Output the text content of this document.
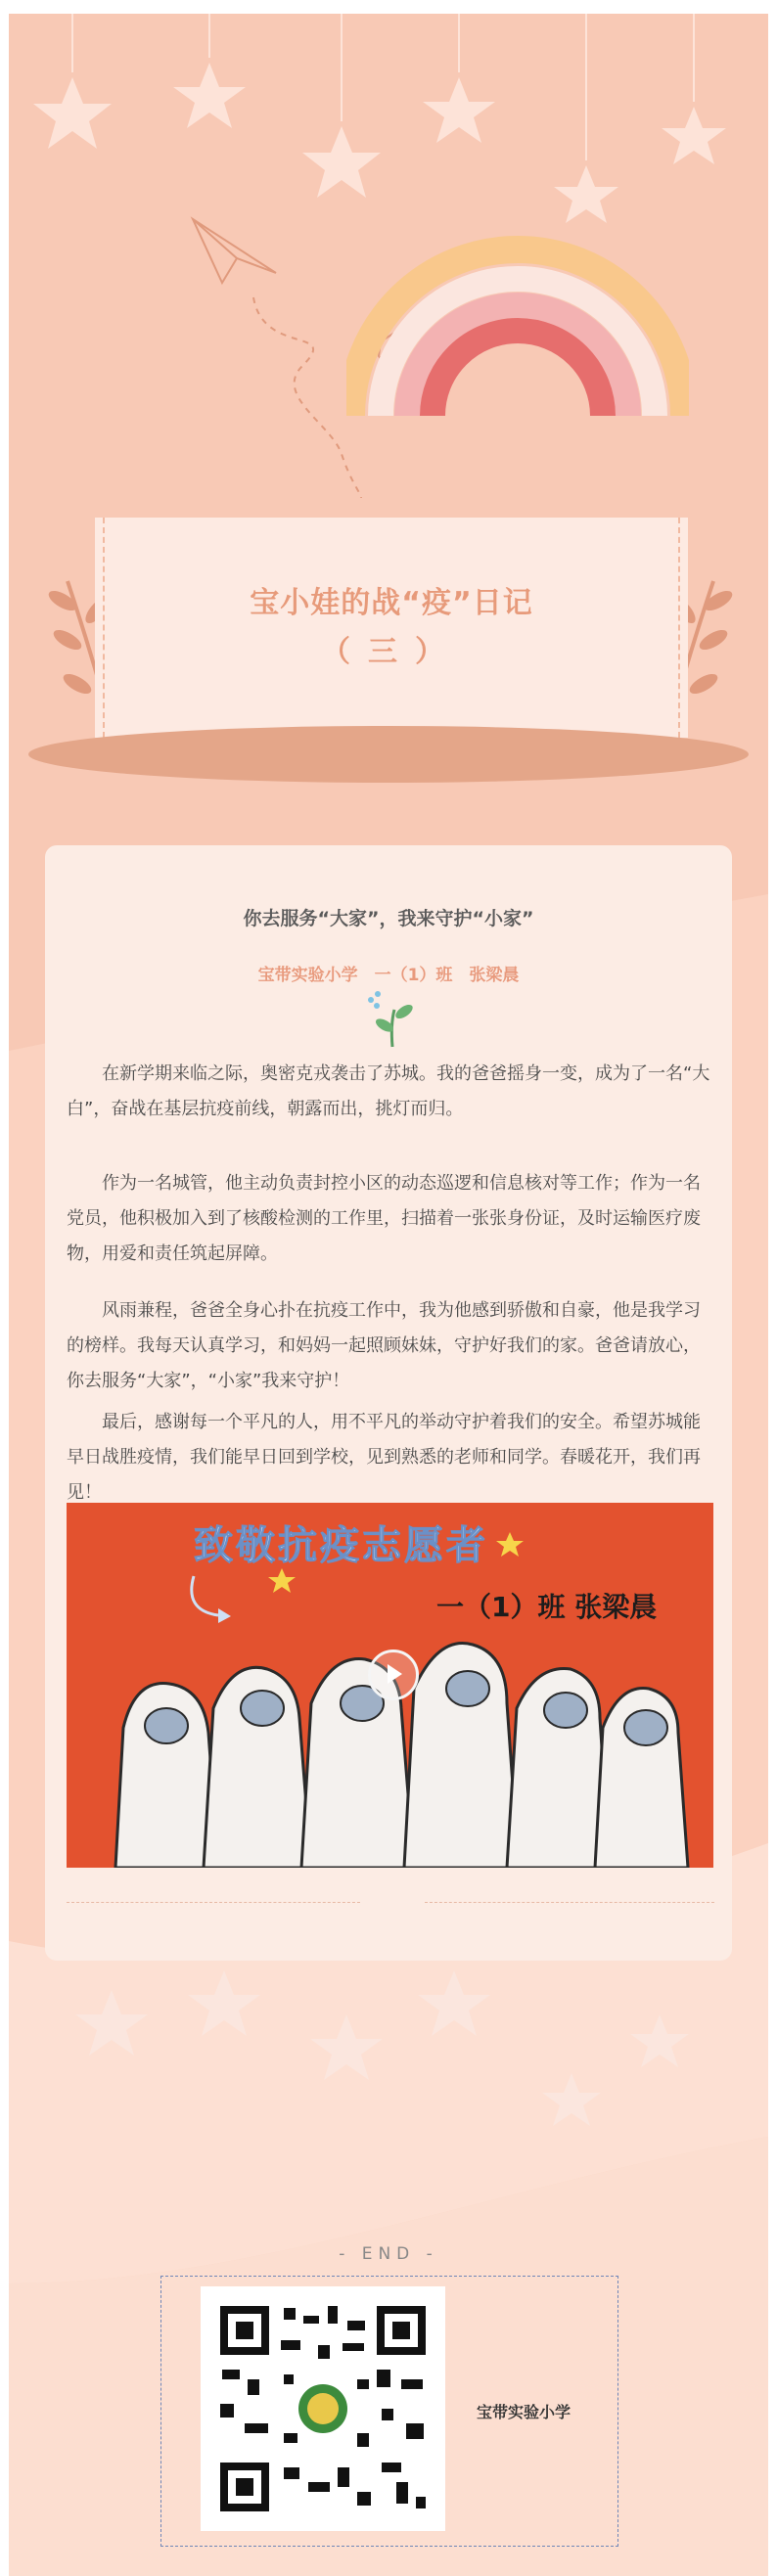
宝小娃的战“疫”日记
（三）
你去服务“大家”，我来守护“小家”
宝带实验小学　一（1）班　张梁晨

在新学期来临之际，奥密克戎袭击了苏城。我的爸爸摇身一变，成为了一名“大白”，奋战在基层抗疫前线，朝露而出，挑灯而归。

作为一名城管，他主动负责封控小区的动态巡逻和信息核对等工作；作为一名党员，他积极加入到了核酸检测的工作里，扫描着一张张身份证，及时运输医疗废物，用爱和责任筑起屏障。

风雨兼程，爸爸全身心扑在抗疫工作中，我为他感到骄傲和自豪，他是我学习的榜样。我每天认真学习，和妈妈一起照顾妹妹，守护好我们的家。爸爸请放心，你去服务“大家”，“小家”我来守护！

最后，感谢每一个平凡的人，用不平凡的举动守护着我们的安全。希望苏城能早日战胜疫情，我们能早日回到学校，见到熟悉的老师和同学。春暖花开，我们再见！

致敬抗疫志愿者
一（1）班 张梁晨
- END -
宝带实验小学
